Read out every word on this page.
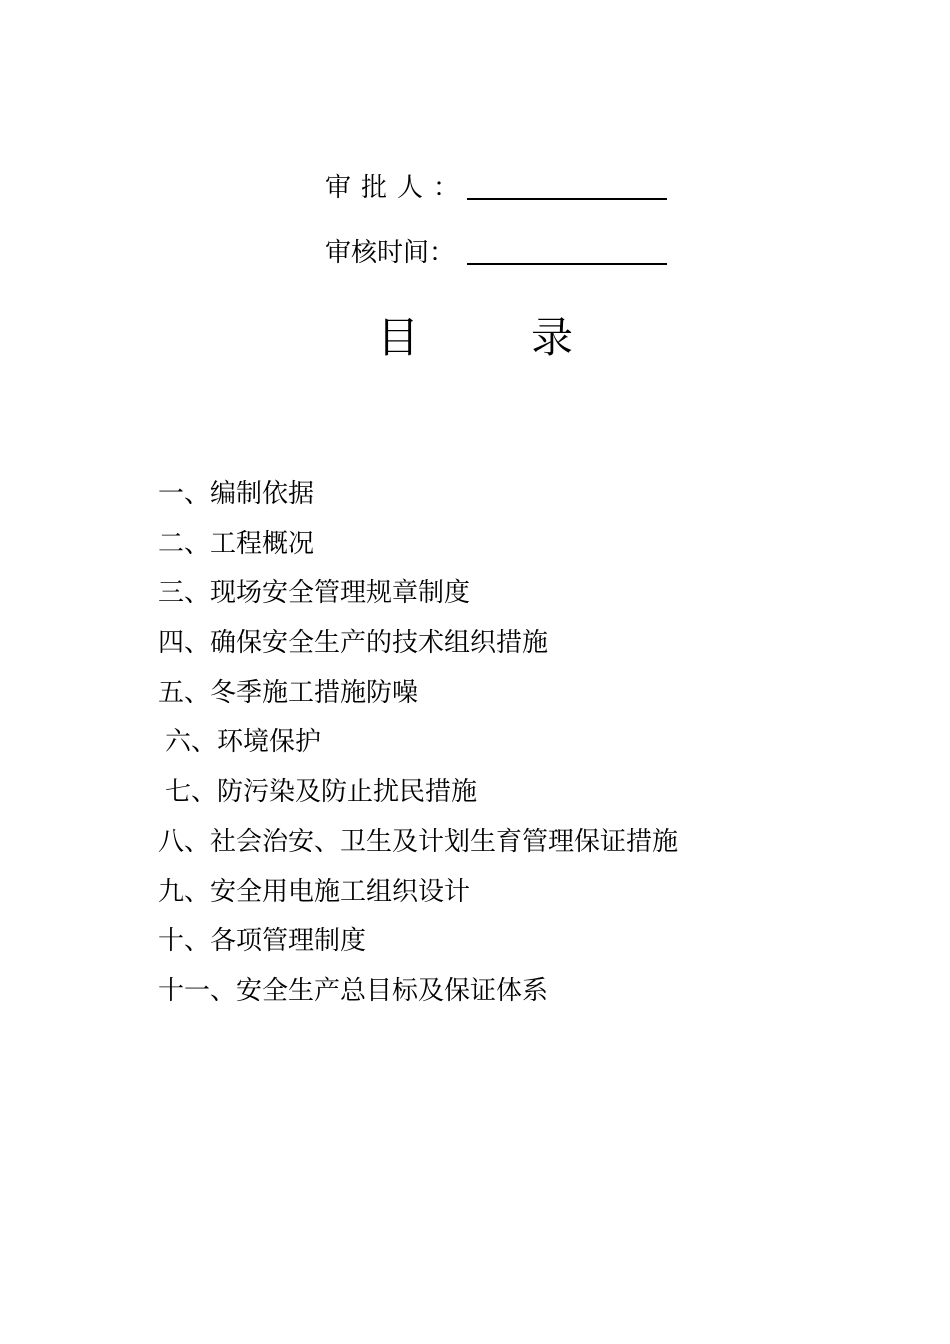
审批人：
审核时间：
目录
一、编制依据
二、工程概况
三、现场安全管理规章制度
四、确保安全生产的技术组织措施
五、冬季施工措施防噪
六、环境保护
七、防污染及防止扰民措施
八、社会治安、卫生及计划生育管理保证措施
九、安全用电施工组织设计
十、各项管理制度
十一、安全生产总目标及保证体系
